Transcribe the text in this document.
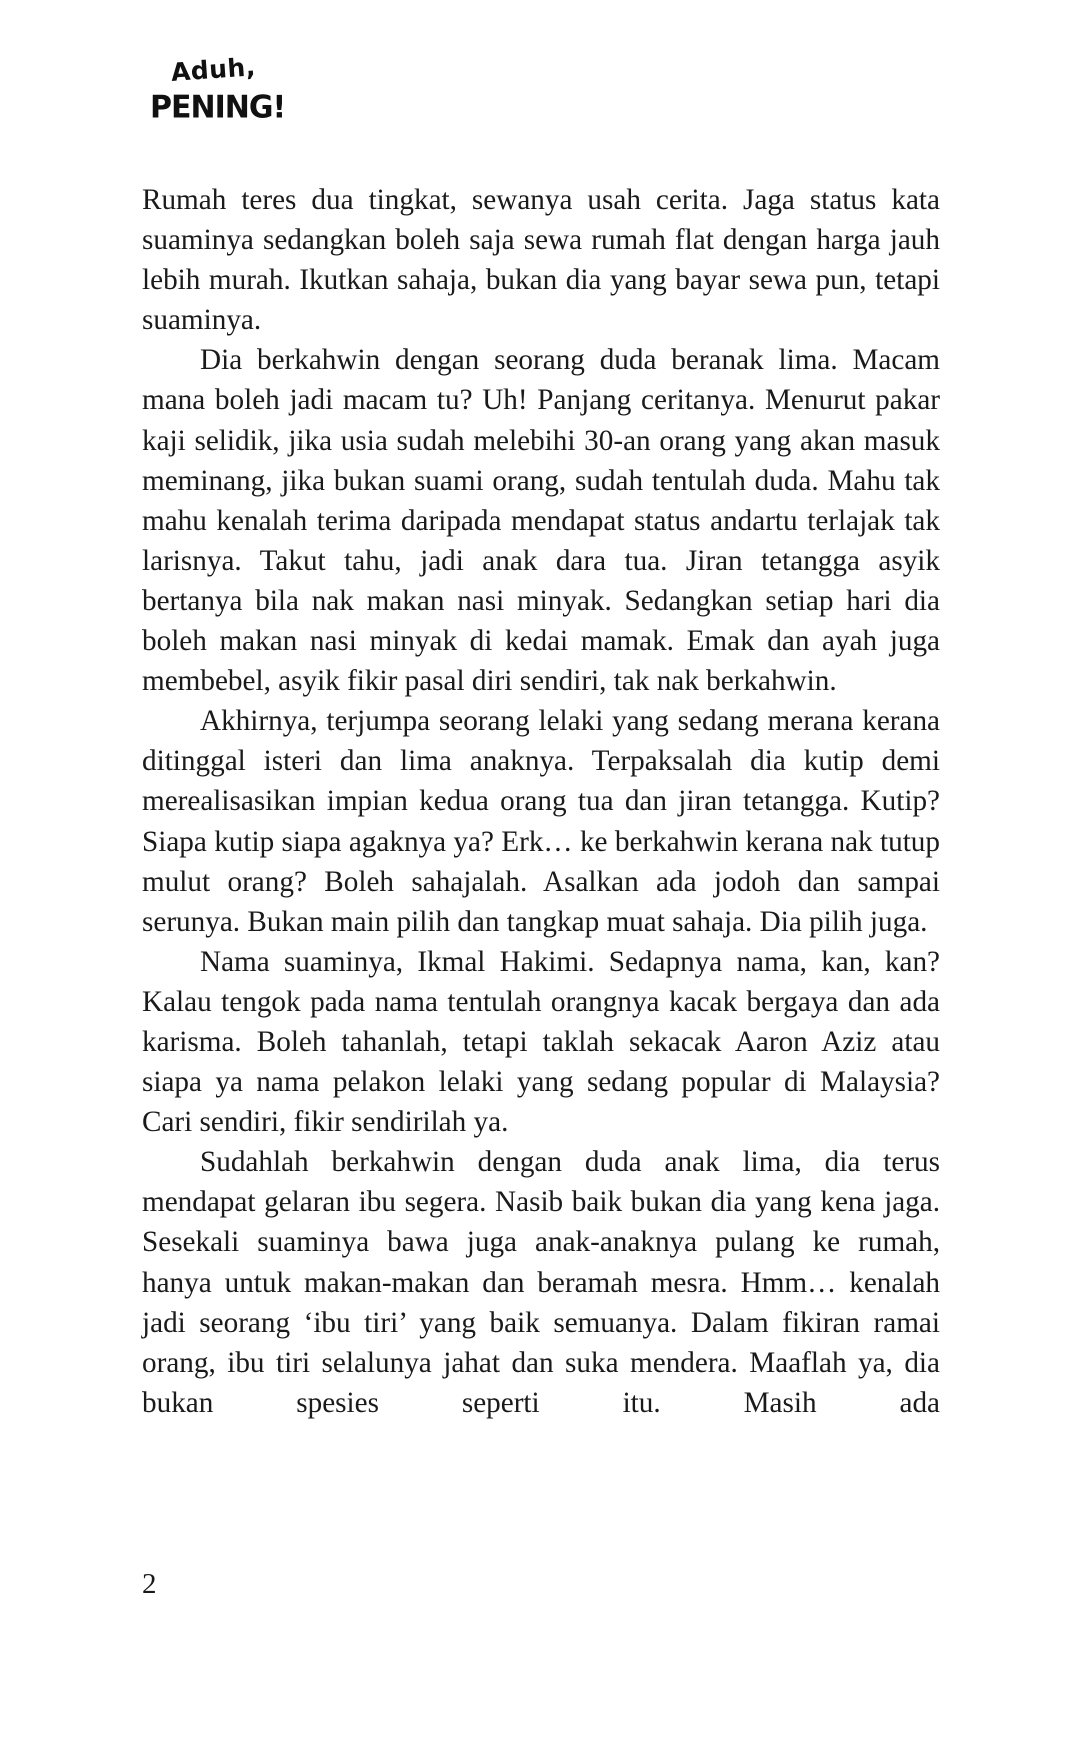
Aduh,
PENING!

Rumah teres dua tingkat, sewanya usah cerita. Jaga status kata suaminya sedangkan boleh saja sewa rumah flat dengan harga jauh lebih murah. Ikutkan sahaja, bukan dia yang bayar sewa pun, tetapi suaminya.

Dia berkahwin dengan seorang duda beranak lima. Macam mana boleh jadi macam tu? Uh! Panjang ceritanya. Menurut pakar kaji selidik, jika usia sudah melebihi 30-an orang yang akan masuk meminang, jika bukan suami orang, sudah tentulah duda. Mahu tak mahu kenalah terima daripada mendapat status andartu terlajak tak larisnya. Takut tahu, jadi anak dara tua. Jiran tetangga asyik bertanya bila nak makan nasi minyak. Sedangkan setiap hari dia boleh makan nasi minyak di kedai mamak. Emak dan ayah juga membebel, asyik fikir pasal diri sendiri, tak nak berkahwin.

Akhirnya, terjumpa seorang lelaki yang sedang merana kerana ditinggal isteri dan lima anaknya. Terpaksalah dia kutip demi merealisasikan impian kedua orang tua dan jiran tetangga. Kutip? Siapa kutip siapa agaknya ya? Erk… ke berkahwin kerana nak tutup mulut orang? Boleh sahajalah. Asalkan ada jodoh dan sampai serunya. Bukan main pilih dan tangkap muat sahaja. Dia pilih juga.

Nama suaminya, Ikmal Hakimi. Sedapnya nama, kan, kan? Kalau tengok pada nama tentulah orangnya kacak bergaya dan ada karisma. Boleh tahanlah, tetapi taklah sekacak Aaron Aziz atau siapa ya nama pelakon lelaki yang sedang popular di Malaysia? Cari sendiri, fikir sendirilah ya.

Sudahlah berkahwin dengan duda anak lima, dia terus mendapat gelaran ibu segera. Nasib baik bukan dia yang kena jaga. Sesekali suaminya bawa juga anak-anaknya pulang ke rumah, hanya untuk makan-makan dan beramah mesra. Hmm… kenalah jadi seorang ‘ibu tiri’ yang baik semuanya. Dalam fikiran ramai orang, ibu tiri selalunya jahat dan suka mendera. Maaflah ya, dia bukan spesies seperti itu. Masih ada

2
